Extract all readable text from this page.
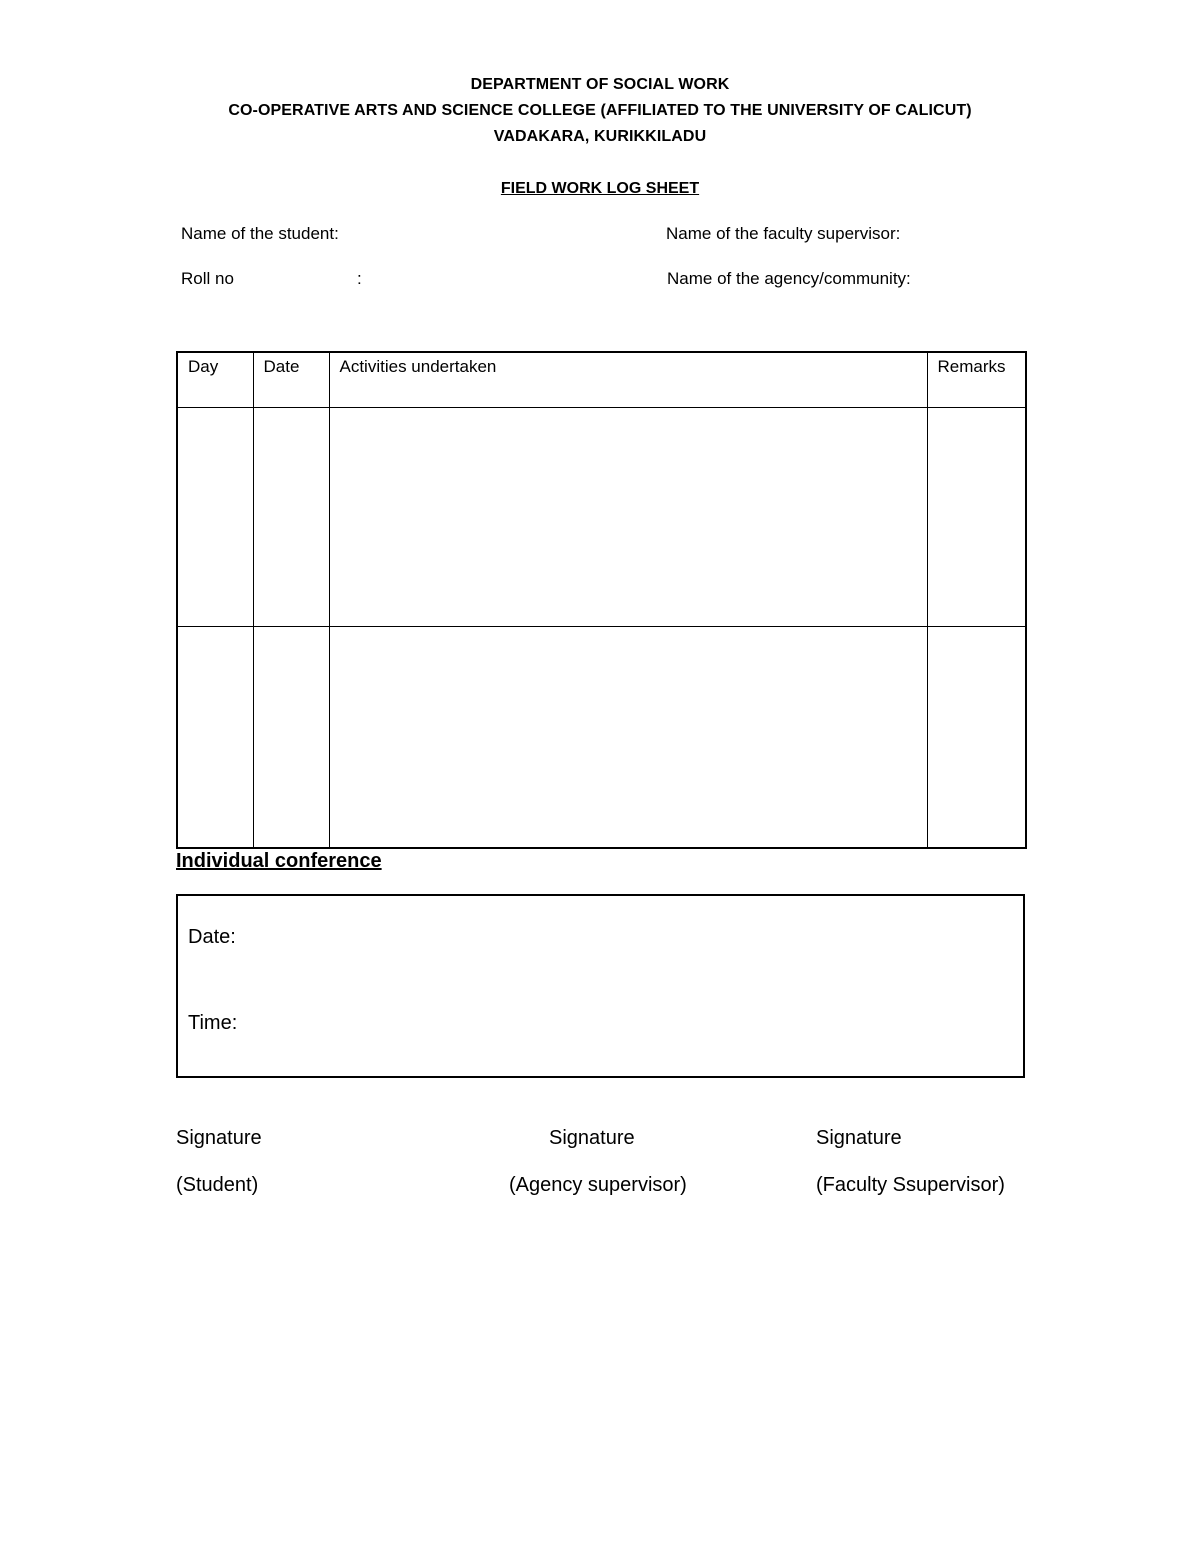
DEPARTMENT OF SOCIAL WORK
CO-OPERATIVE ARTS AND SCIENCE COLLEGE (AFFILIATED TO THE UNIVERSITY OF CALICUT)
VADAKARA, KURIKKILADU
FIELD WORK LOG SHEET
Name of the student:	Name of the faculty supervisor:
Roll no	:	Name of the agency/community:
Day	Date	Activities undertaken	Remarks

Individual conference
Date:
Time:
Signature
(Student)
Signature
(Agency supervisor)
Signature
(Faculty Ssupervisor)
